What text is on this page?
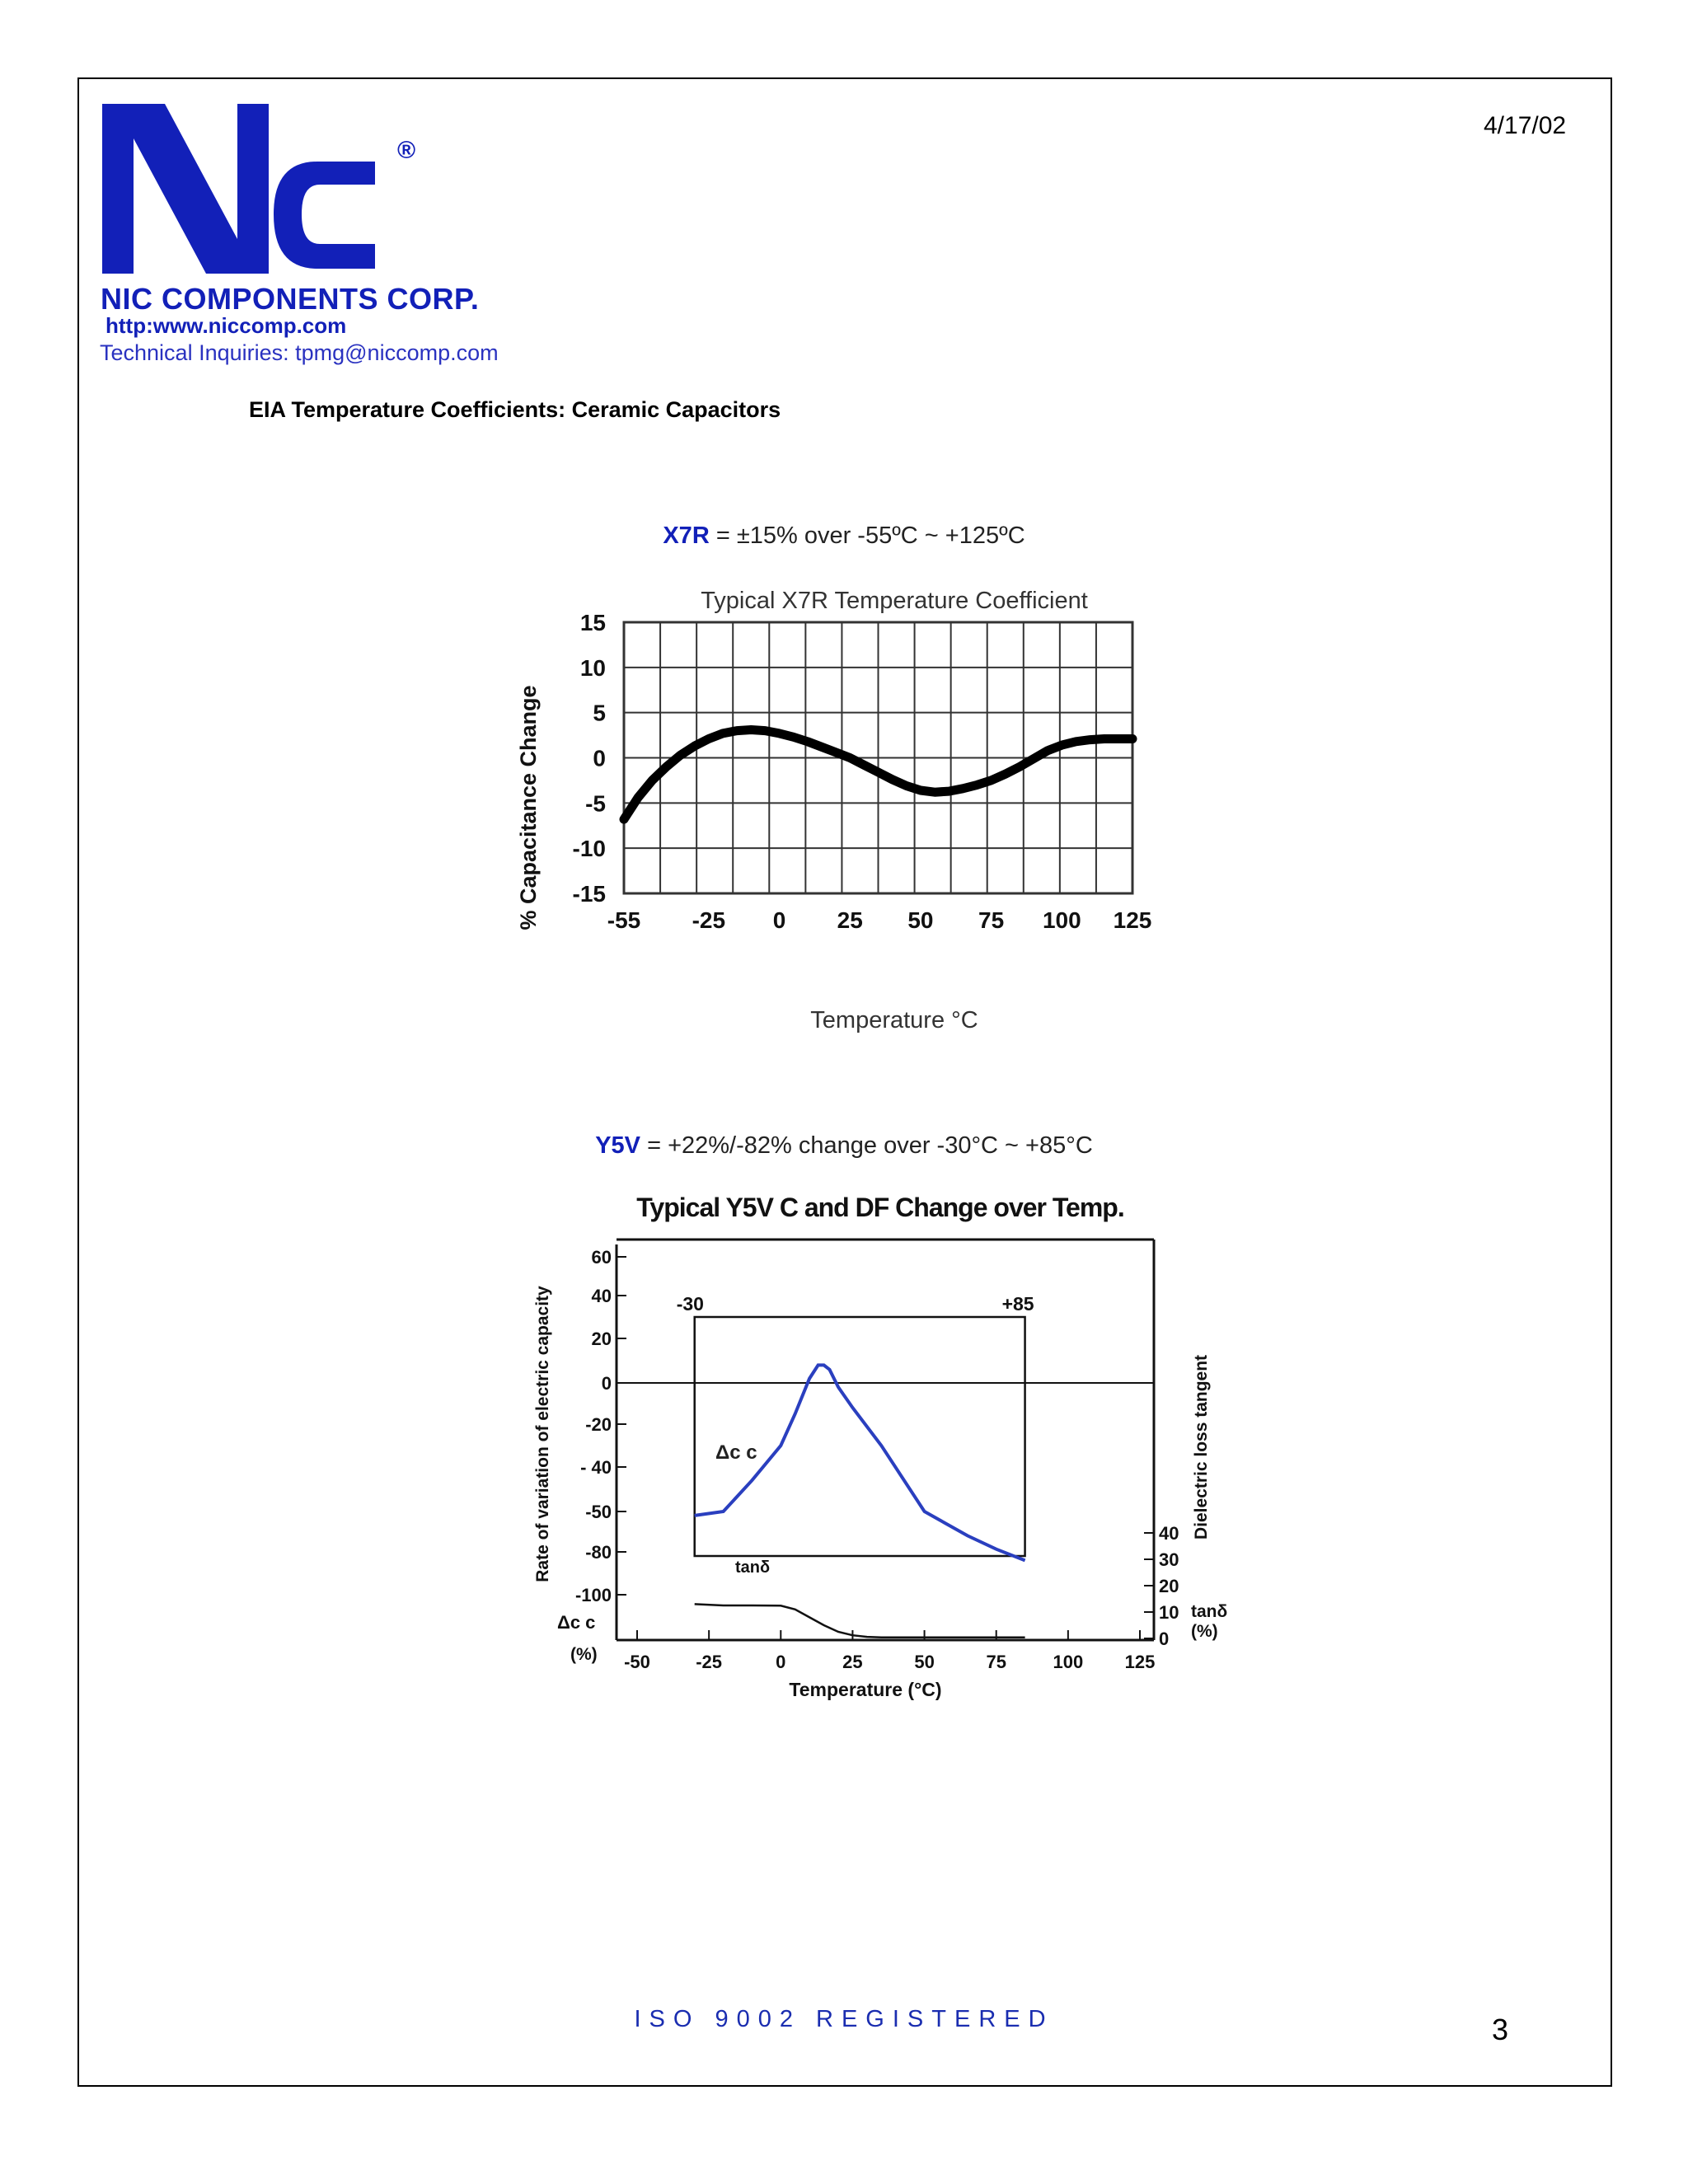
4/17/02
®
NIC COMPONENTS CORP.
http:www.niccomp.com
Technical Inquiries: tpmg@niccomp.com
EIA Temperature Coefficients: Ceramic Capacitors
X7R = ±15% over -55ºC ~ +125ºC
Typical X7R Temperature Coefficient
15
10
5
0
-5
-10
-15
-55 -25 0 25 50 75 100 125
Temperature °C
% Capacitance Change
Y5V = +22%/-82% change over -30°C ~ +85°C
Typical Y5V C and DF Change over Temp.
60
40
20
0
-20
- 40
-50
-80
-100
40
30
20
10
0
-50	-25	0	25	50	75	100 125
-30	+85
Δc c
tanδ
Δc c
(%)
tanδ
(%)
Temperature (°C)
Rate of variation of electric capacity	Dielectric loss tangent
ISO 9002 REGISTERED	3
